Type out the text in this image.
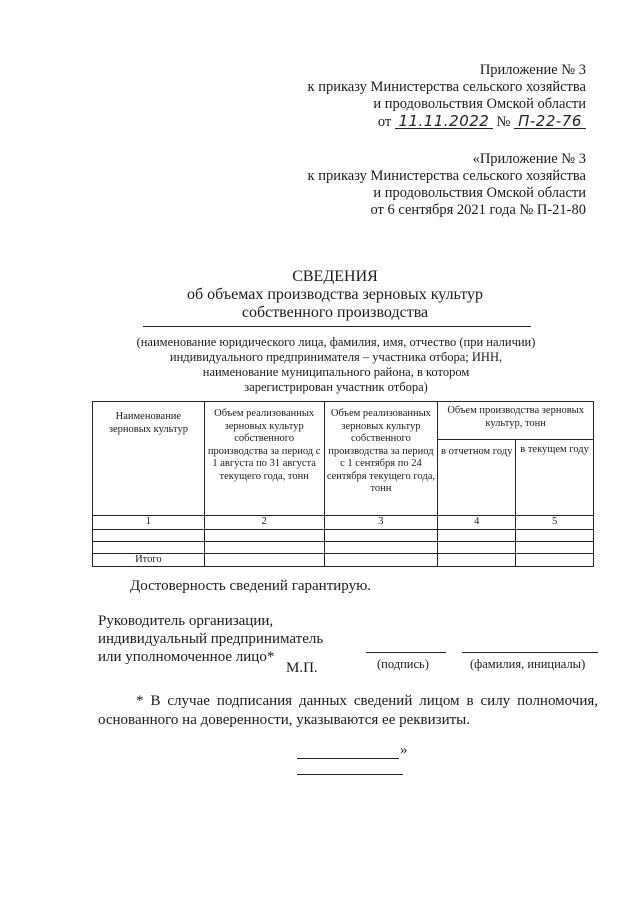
Приложение № 3
к приказу Министерства сельского хозяйства
и продовольствия Омской области
от 11.11.2022 № П-22-76
«Приложение № 3
к приказу Министерства сельского хозяйства
и продовольствия Омской области
от 6 сентября 2021 года № П-21-80
СВЕДЕНИЯ
об объемах производства зерновых культур
собственного производства
(наименование юридического лица, фамилия, имя, отчество (при наличии)
индивидуального предпринимателя – участника отбора; ИНН,
наименование муниципального района, в котором
зарегистрирован участник отбора)
Наименование зерновых культур	Объем реализованных зерновых культур собственного производства за период с 1 августа по 31 августа текущего года, тонн	Объем реализованных зерновых культур собственного производства за период с 1 сентября по 24 сентября текущего года, тонн	Объем производства зерновых культур, тонн	
			в отчетном году	в текущем году
1	2	3	4	5

Итого				
Достоверность сведений гарантирую.
Руководитель организации,
индивидуальный предприниматель
или уполномоченное лицо*
М.П.	(подпись)	(фамилия, инициалы)
* В случае подписания данных сведений лицом в силу полномочия, основанного на доверенности, указываются ее реквизиты.
»
